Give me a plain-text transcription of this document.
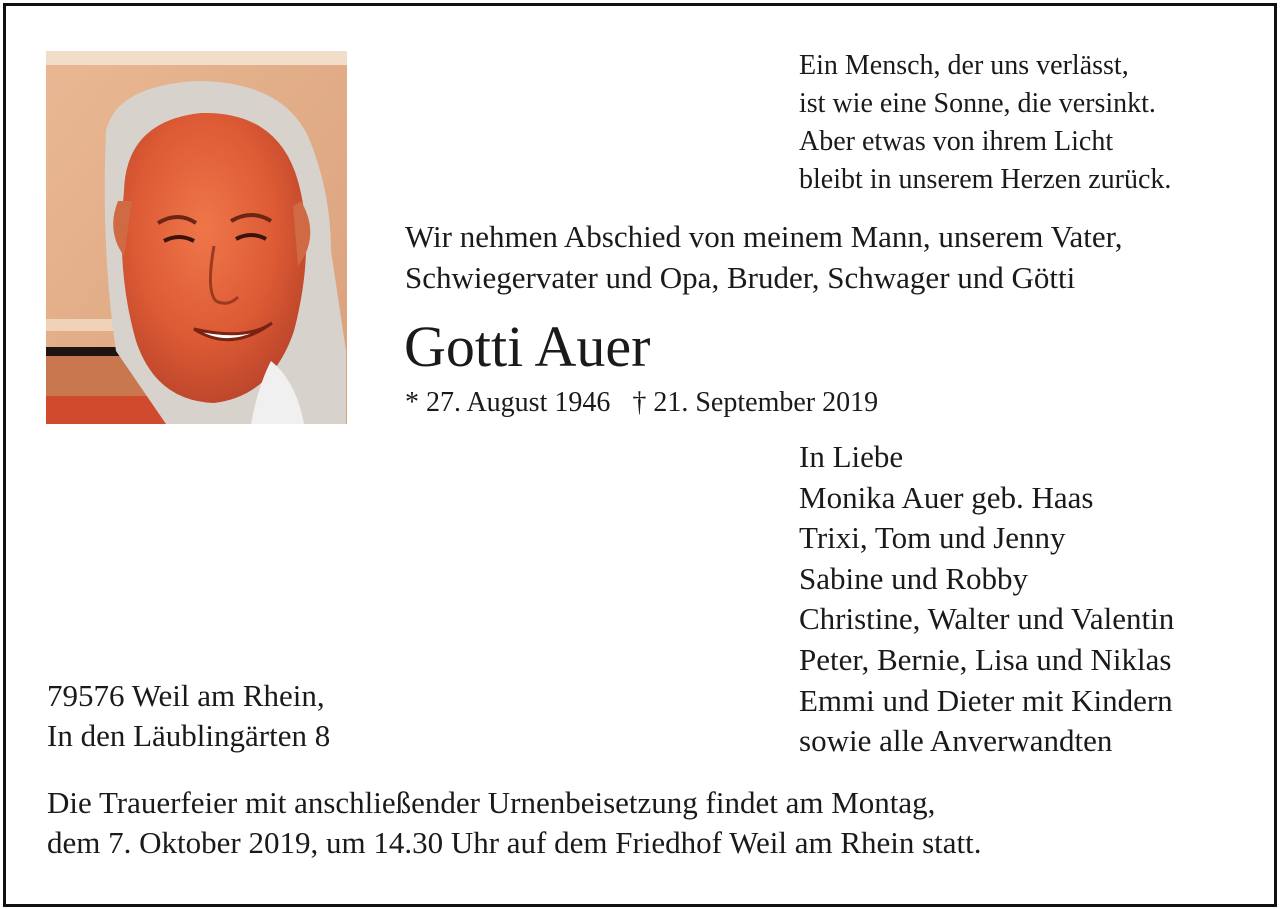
Ein Mensch, der uns verlässt,
ist wie eine Sonne, die versinkt.
Aber etwas von ihrem Licht
bleibt in unserem Herzen zurück.
Wir nehmen Abschied von meinem Mann, unserem Vater,
Schwiegervater und Opa, Bruder, Schwager und Götti
Gotti Auer
* 27. August 1946 † 21. September 2019
In Liebe
Monika Auer geb. Haas
Trixi, Tom und Jenny
Sabine und Robby
Christine, Walter und Valentin
Peter, Bernie, Lisa und Niklas
Emmi und Dieter mit Kindern
sowie alle Anverwandten
79576 Weil am Rhein,
In den Läublingärten 8
Die Trauerfeier mit anschließender Urnenbeisetzung findet am Montag,
dem 7. Oktober 2019, um 14.30 Uhr auf dem Friedhof Weil am Rhein statt.
